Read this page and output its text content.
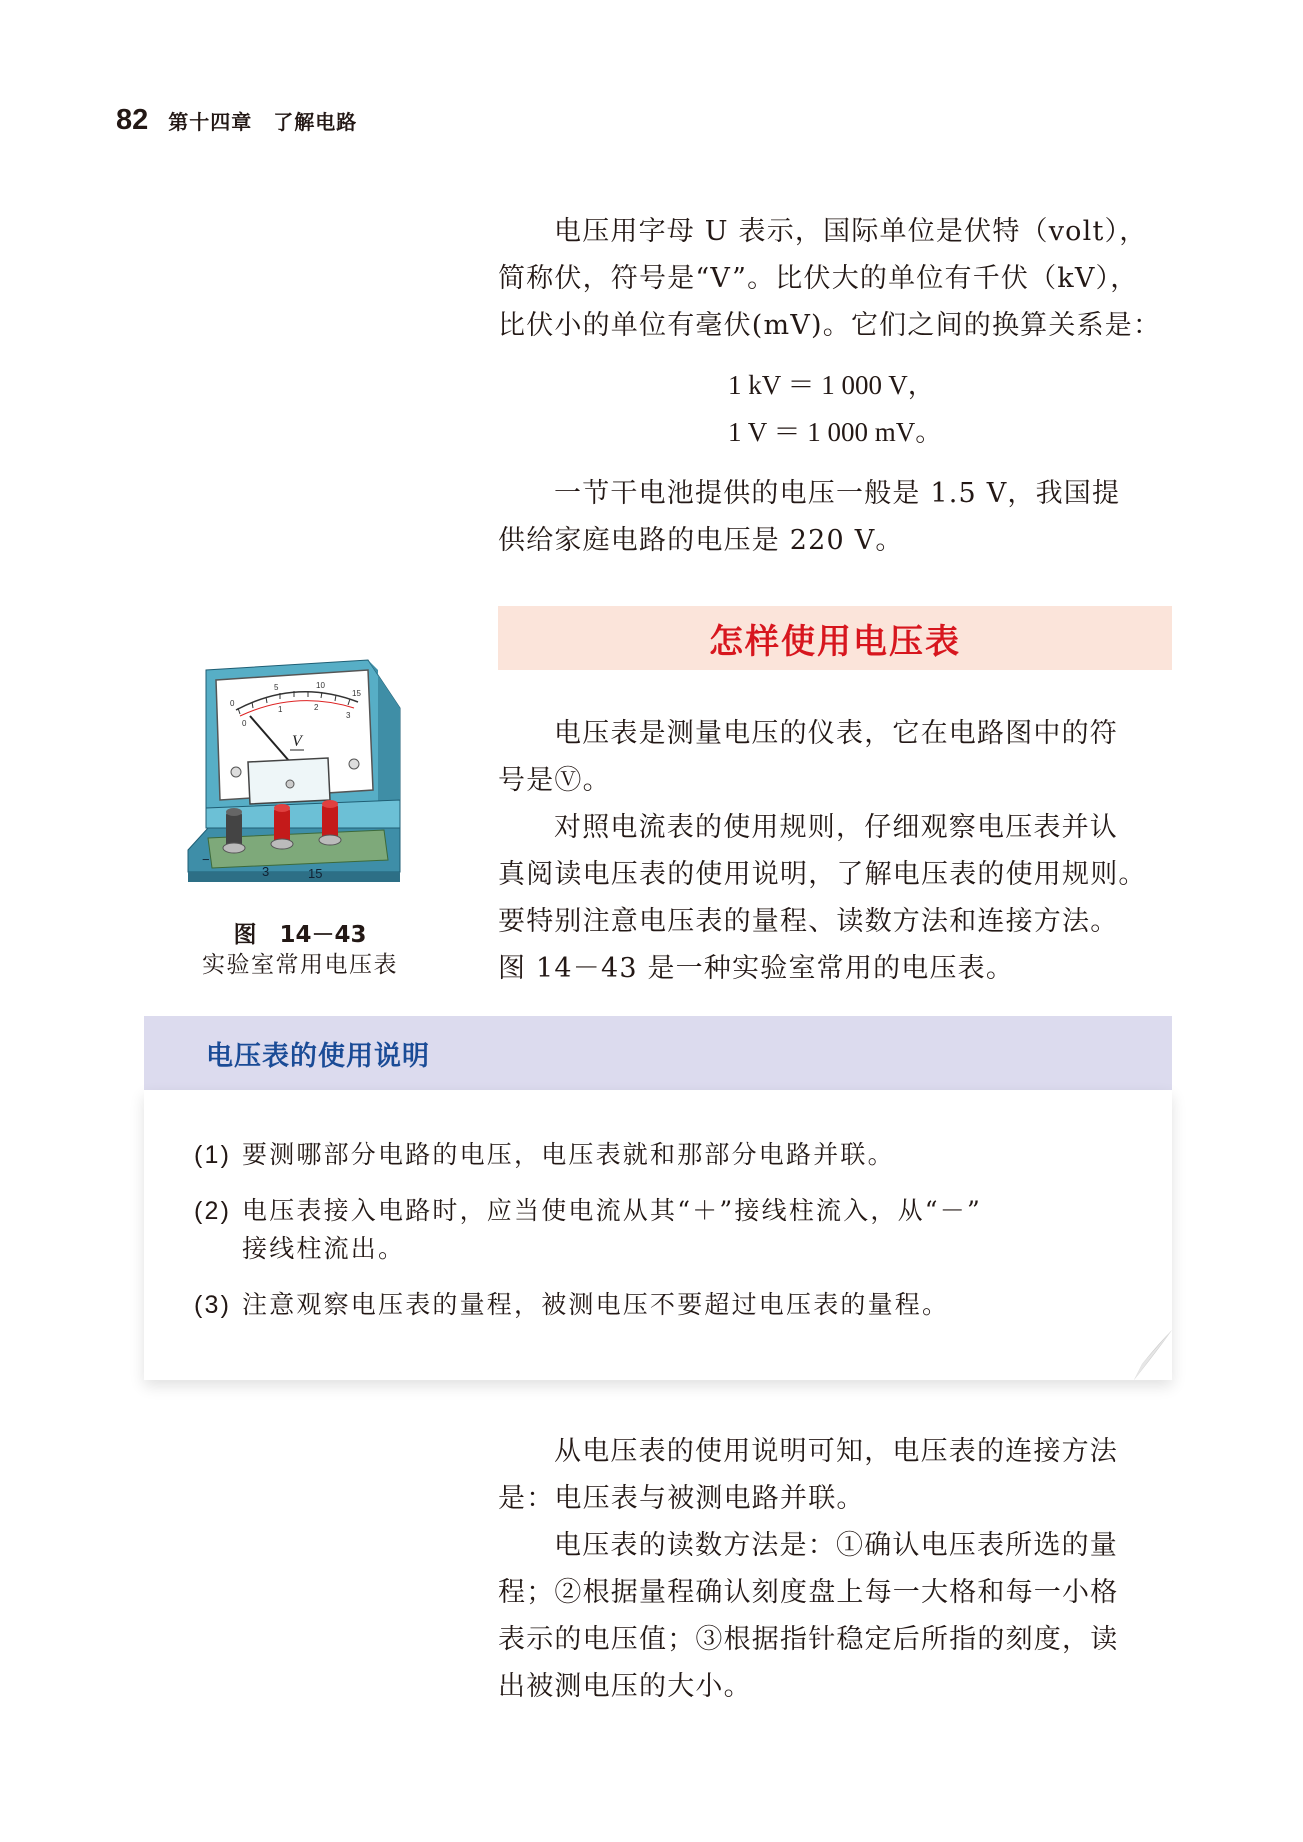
82 第十四章　了解电路

电压用字母 U 表示，国际单位是伏特（volt），

简称伏，符号是“V”。比伏大的单位有千伏（kV），

比伏小的单位有毫伏(mV)。它们之间的换算关系是：

1 kV ＝ 1 000 V，
1 V ＝ 1 000 mV。

一节干电池提供的电压一般是 1.5 V，我国提

供给家庭电路的电压是 220 V。

怎样使用电压表
0
5	10
15
0
1	2
3
V
−
3	15
图　14－43
实验室常用电压表

电压表是测量电压的仪表，它在电路图中的符

号是Ⓥ。

对照电流表的使用规则，仔细观察电压表并认

真阅读电压表的使用说明，了解电压表的使用规则。

要特别注意电压表的量程、读数方法和连接方法。

图 14－43 是一种实验室常用的电压表。

电压表的使用说明

(1) 要测哪部分电路的电压，电压表就和那部分电路并联。

(2) 电压表接入电路时，应当使电流从其“＋”接线柱流入，从“－”

接线柱流出。

(3) 注意观察电压表的量程，被测电压不要超过电压表的量程。

从电压表的使用说明可知，电压表的连接方法

是：电压表与被测电路并联。

电压表的读数方法是：①确认电压表所选的量

程；②根据量程确认刻度盘上每一大格和每一小格

表示的电压值；③根据指针稳定后所指的刻度，读

出被测电压的大小。
